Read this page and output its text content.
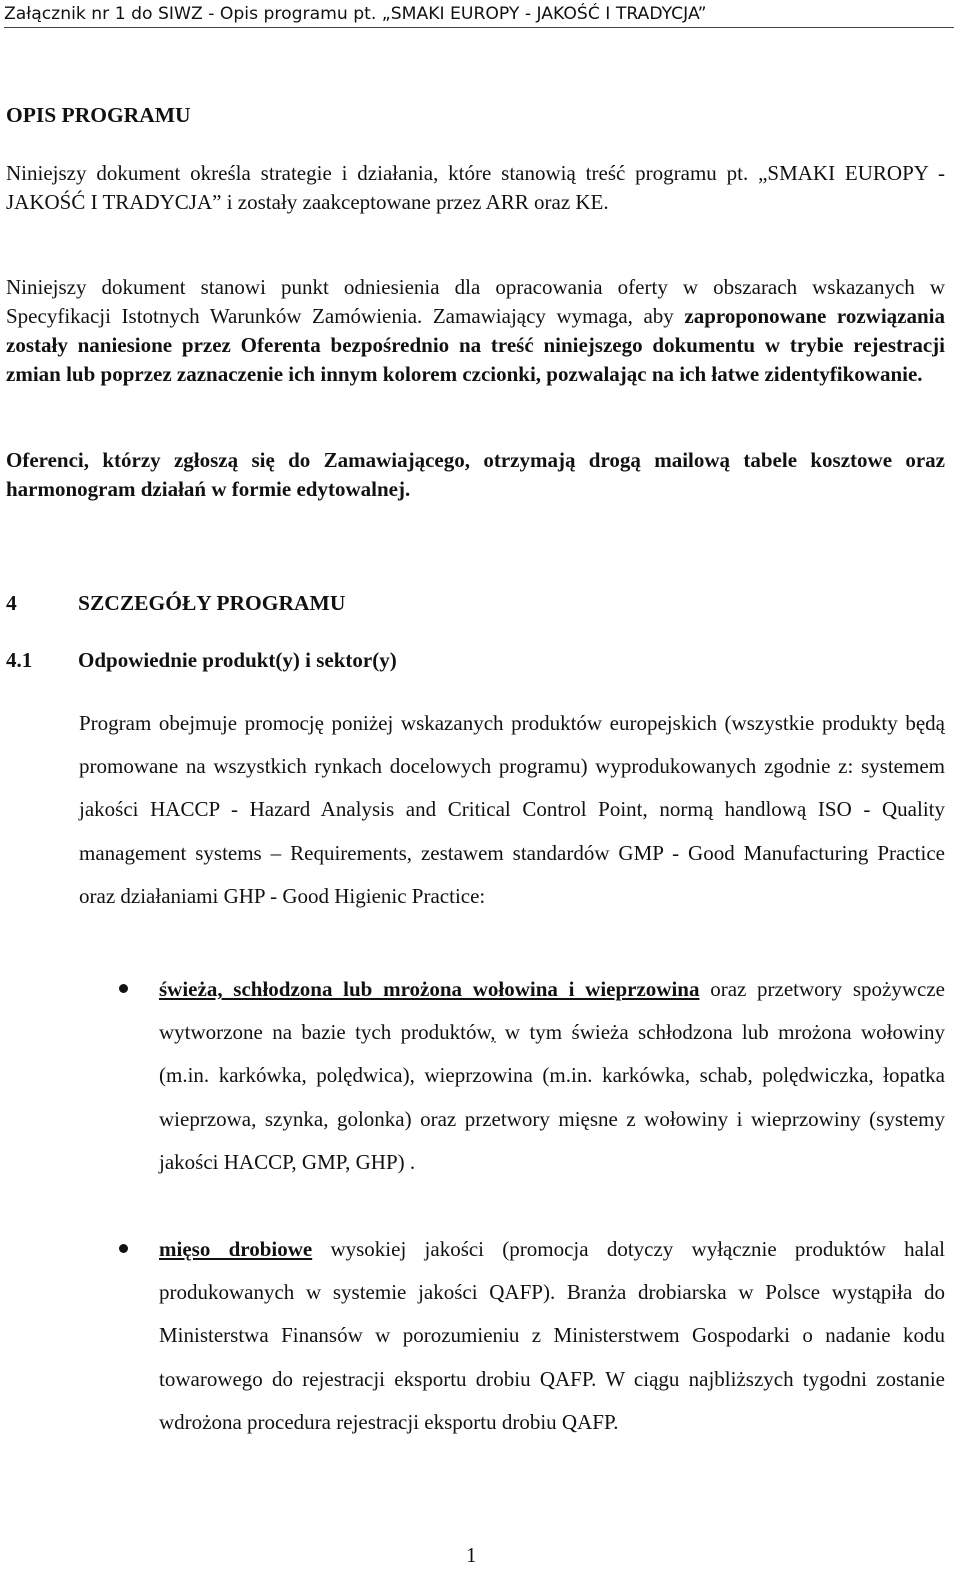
Załącznik nr 1 do SIWZ - Opis programu pt. „SMAKI EUROPY - JAKOŚĆ I TRADYCJA”
OPIS PROGRAMU

Niniejszy dokument określa strategie i działania, które stanowią treść programu pt. „SMAKI EUROPY - JAKOŚĆ I TRADYCJA” i zostały zaakceptowane przez ARR oraz KE.

Niniejszy dokument stanowi punkt odniesienia dla opracowania oferty w obszarach wskazanych w Specyfikacji Istotnych Warunków Zamówienia. Zamawiający wymaga, aby zaproponowane rozwiązania zostały naniesione przez Oferenta bezpośrednio na treść niniejszego dokumentu w trybie rejestracji zmian lub poprzez zaznaczenie ich innym kolorem czcionki, pozwalając na ich łatwe zidentyfikowanie.

Oferenci, którzy zgłoszą się do Zamawiającego, otrzymają drogą mailową tabele kosztowe oraz harmonogram działań w formie edytowalnej.

4	SZCZEGÓŁY PROGRAMU
4.1 Odpowiednie produkt(y) i sektor(y)

Program obejmuje promocję poniżej wskazanych produktów europejskich (wszystkie produkty będą promowane na wszystkich rynkach docelowych programu) wyprodukowanych zgodnie z: systemem jakości HACCP - Hazard Analysis and Critical Control Point, normą handlową ISO - Quality management systems – Requirements, zestawem standardów GMP - Good Manufacturing Practice oraz działaniami GHP - Good Higienic Practice:

świeża, schłodzona lub mrożona wołowina i wieprzowina oraz przetwory spożywcze wytworzone na bazie tych produktów, w tym świeża schłodzona lub mrożona wołowiny (m.in. karkówka, polędwica), wieprzowina (m.in. karkówka, schab, polędwiczka, łopatka wieprzowa, szynka, golonka) oraz przetwory mięsne z wołowiny i wieprzowiny (systemy jakości HACCP, GMP, GHP) .
mięso drobiowe wysokiej jakości (promocja dotyczy wyłącznie produktów halal produkowanych w systemie jakości QAFP). Branża drobiarska w Polsce wystąpiła do Ministerstwa Finansów w porozumieniu z Ministerstwem Gospodarki o nadanie kodu towarowego do rejestracji eksportu drobiu QAFP. W ciągu najbliższych tygodni zostanie wdrożona procedura rejestracji eksportu drobiu QAFP.
1
